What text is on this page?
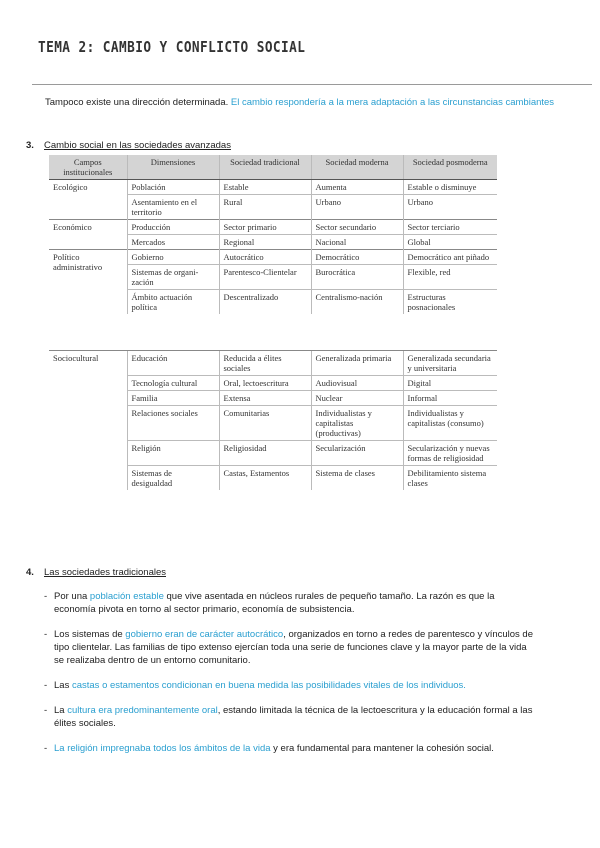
TEMA 2: CAMBIO Y CONFLICTO SOCIAL
Tampoco existe una dirección determinada. El cambio respondería a la mera adaptación a las circunstancias cambiantes
3. Cambio social en las sociedades avanzadas
Campos institucionales	Dimensiones	Sociedad tradicional	Sociedad moderna	Sociedad posmoderna
Ecológico	Población	Estable	Aumenta	Estable o disminuye
	Asentamiento en el territorio	Rural	Urbano	Urbano
Económico	Producción	Sector primario	Sector secundario	Sector terciario
	Mercados	Regional	Nacional	Global
Político administrativo	Gobierno	Autocrático	Democrático	Democrático ant piñado
	Sistemas de organi-zación	Parentesco-Clientelar	Burocrática	Flexible, red
	Ámbito actuación política	Descentralizado	Centralismo-nación	Estructuras posnacionales
Sociocultural	Educación	Reducida a élites sociales	Generalizada primaria	Generalizada secundaria y universitaria
	Tecnología cultural	Oral, lectoescritura	Audiovisual	Digital
	Familia	Extensa	Nuclear	Informal
	Relaciones sociales	Comunitarias	Individualistas y capitalistas (productivas)	Individualistas y capitalistas (consumo)
	Religión	Religiosidad	Secularización	Secularización y nuevas formas de religiosidad
	Sistemas de desigualdad	Castas, Estamentos	Sistema de clases	Debilitamiento sistema clases
4. Las sociedades tradicionales
- Por una población estable que vive asentada en núcleos rurales de pequeño tamaño. La razón es que la economía pivota en torno al sector primario, economía de subsistencia.
- Los sistemas de gobierno eran de carácter autocrático, organizados en torno a redes de parentesco y vínculos de tipo clientelar. Las familias de tipo extenso ejercían toda una serie de funciones clave y la mayor parte de la vida se realizaba dentro de un entorno comunitario.
- Las castas o estamentos condicionan en buena medida las posibilidades vitales de los individuos.
- La cultura era predominantemente oral, estando limitada la técnica de la lectoescritura y la educación formal a las élites sociales.
- La religión impregnaba todos los ámbitos de la vida y era fundamental para mantener la cohesión social.
